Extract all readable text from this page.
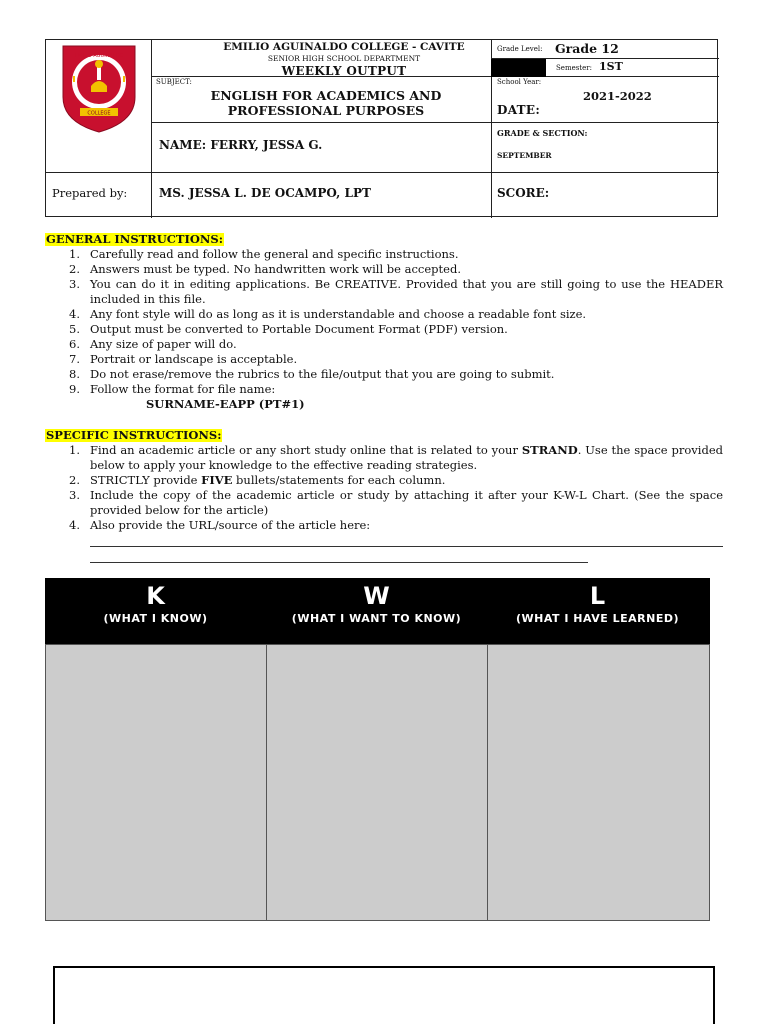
EMILIO AGUINALDO
COLLEGE
EMILIO AGUINALDO COLLEGE - CAVITE
SENIOR HIGH SCHOOL DEPARTMENT
WEEKLY OUTPUT
SUBJECT:
ENGLISH FOR ACADEMICS AND
PROFESSIONAL PURPOSES
NAME: FERRY, JESSA G.
Prepared by:	MS. JESSA L. DE OCAMPO, LPT
Grade Level: Grade 12
Semester: 1ST
School Year:
2021-2022
DATE:
GRADE & SECTION:
SEPTEMBER
SCORE:
GENERAL INSTRUCTIONS:
1. Carefully read and follow the general and specific instructions.
2. Answers must be typed. No handwritten work will be accepted.
3. You can do it in editing applications. Be CREATIVE. Provided that you are still going to use the HEADER included in this file.
4. Any font style will do as long as it is understandable and choose a readable font size.
5. Output must be converted to Portable Document Format (PDF) version.
6. Any size of paper will do.
7. Portrait or landscape is acceptable.
8. Do not erase/remove the rubrics to the file/output that you are going to submit.
9. Follow the format for file name:
SURNAME-EAPP (PT#1)
SPECIFIC INSTRUCTIONS:
1. Find an academic article or any short study online that is related to your STRAND. Use the space provided below to apply your knowledge to the effective reading strategies.
2. STRICTLY provide FIVE bullets/statements for each column.
3. Include the copy of the academic article or study by attaching it after your K-W-L Chart. (See the space provided below for the article)
4. Also provide the URL/source of the article here:
K
(WHAT I KNOW)
W
(WHAT I WANT TO KNOW)
L
(WHAT I HAVE LEARNED)
